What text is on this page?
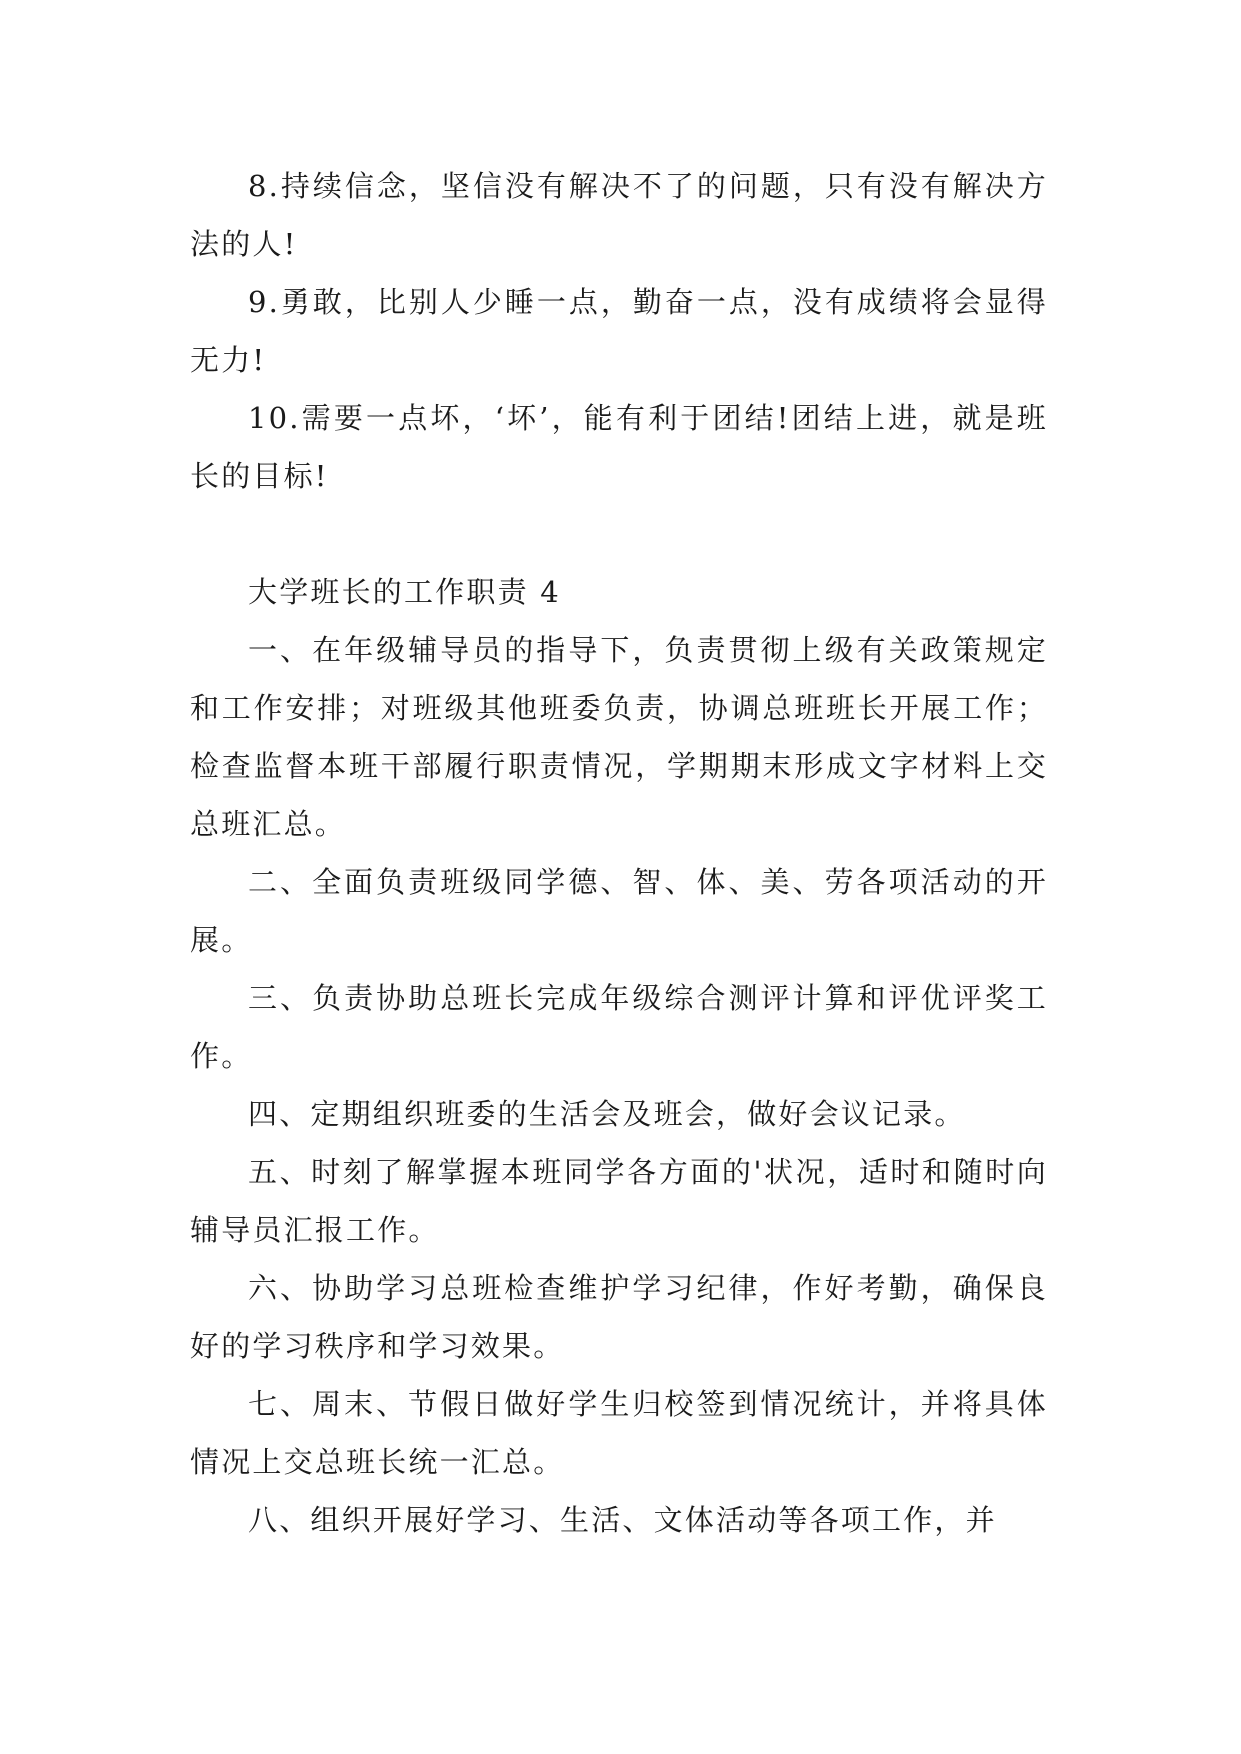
8.持续信念，坚信没有解决不了的问题，只有没有解决方法的人!

9.勇敢，比别人少睡一点，勤奋一点，没有成绩将会显得无力!

10.需要一点坏，‘坏’，能有利于团结!团结上进，就是班长的目标!

大学班长的工作职责 4

一、在年级辅导员的指导下，负责贯彻上级有关政策规定和工作安排；对班级其他班委负责，协调总班班长开展工作；检查监督本班干部履行职责情况，学期期末形成文字材料上交总班汇总。

二、全面负责班级同学德、智、体、美、劳各项活动的开展。

三、负责协助总班长完成年级综合测评计算和评优评奖工作。

四、定期组织班委的生活会及班会，做好会议记录。

五、时刻了解掌握本班同学各方面的'状况，适时和随时向辅导员汇报工作。

六、协助学习总班检查维护学习纪律，作好考勤，确保良好的学习秩序和学习效果。

七、周末、节假日做好学生归校签到情况统计，并将具体情况上交总班长统一汇总。

八、组织开展好学习、生活、文体活动等各项工作，并
